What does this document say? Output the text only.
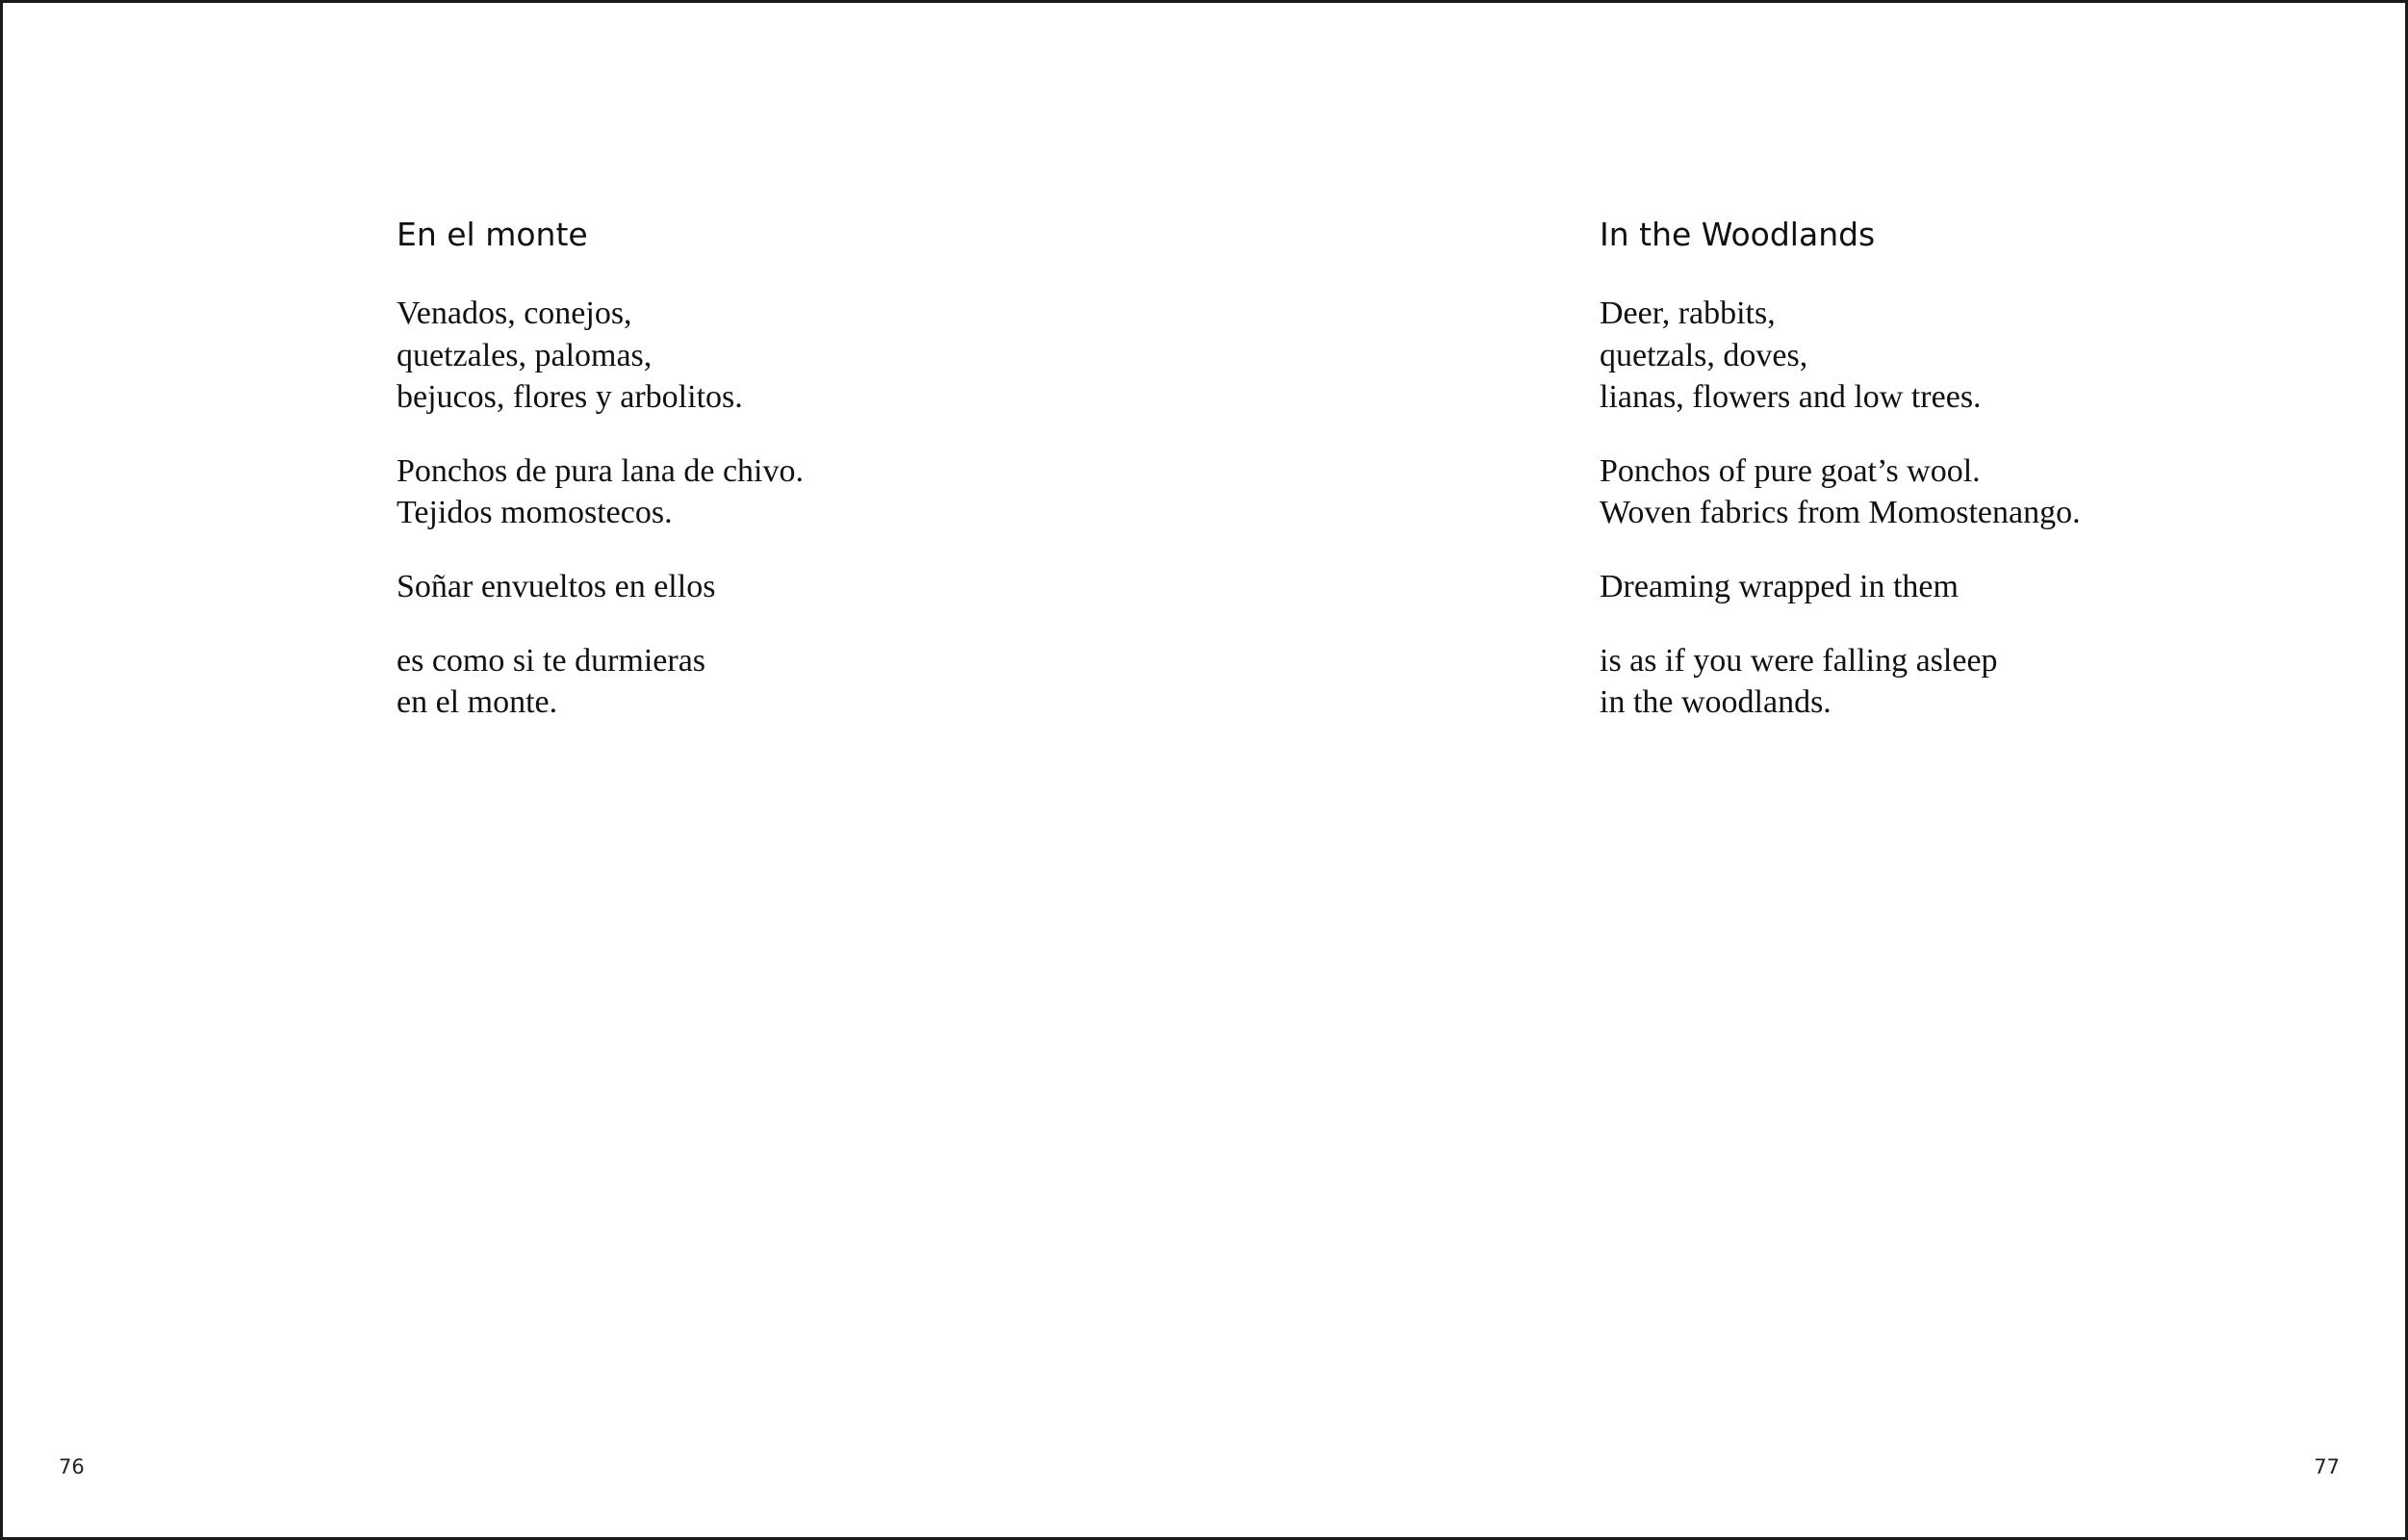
En el monte

Venados, conejos,
quetzales, palomas,
bejucos, flores y arbolitos.

Ponchos de pura lana de chivo.
Tejidos momostecos.

Soñar envueltos en ellos

es como si te durmieras
en el monte.

In the Woodlands

Deer, rabbits,
quetzals, doves,
lianas, flowers and low trees.

Ponchos of pure goat’s wool.
Woven fabrics from Momostenango.

Dreaming wrapped in them

is as if you were falling asleep
in the woodlands.

76	77
